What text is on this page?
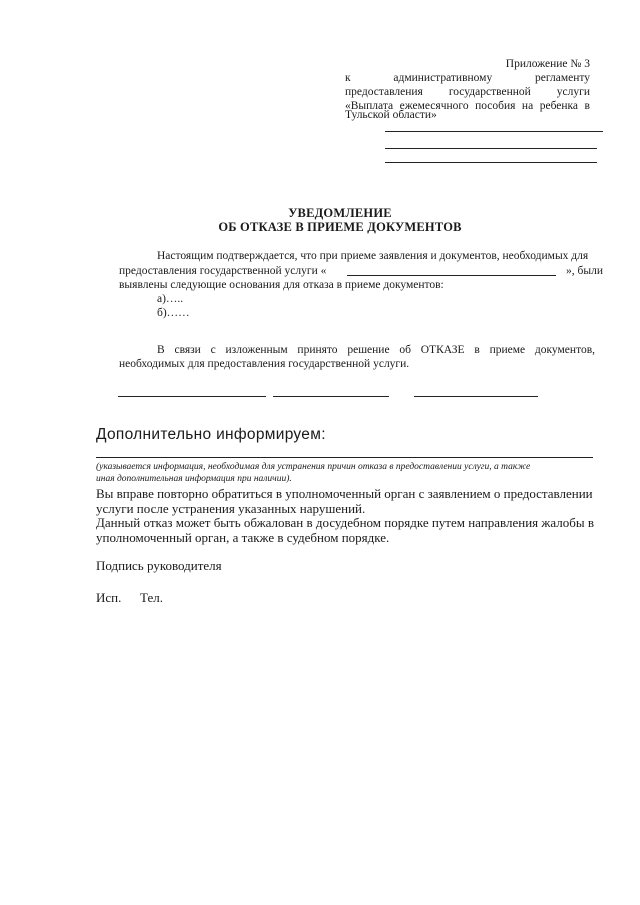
Приложение № 3
к административному регламенту
предоставления государственной услуги
«Выплата ежемесячного пособия на ребенка в
Тульской области»
УВЕДОМЛЕНИЕ
ОБ ОТКАЗЕ В ПРИЕМЕ ДОКУМЕНТОВ
Настоящим подтверждается, что при приеме заявления и документов, необходимых для
предоставления государственной услуги «	», были
выявлены следующие основания для отказа в приеме документов:
а)…..
б)……
В связи с изложенным принято решение об ОТКАЗЕ в приеме документов,
необходимых для предоставления государственной услуги.
Дополнительно информируем:
(указывается информация, необходимая для устранения причин отказа в предоставлении услуги, а также
иная дополнительная информация при наличии).
Вы вправе повторно обратиться в уполномоченный орган с заявлением о предоставлении
услуги после устранения указанных нарушений.
Данный отказ может быть обжалован в досудебном порядке путем направления жалобы в
уполномоченный орган, а также в судебном порядке.
Подпись руководителя
Исп. Тел.
